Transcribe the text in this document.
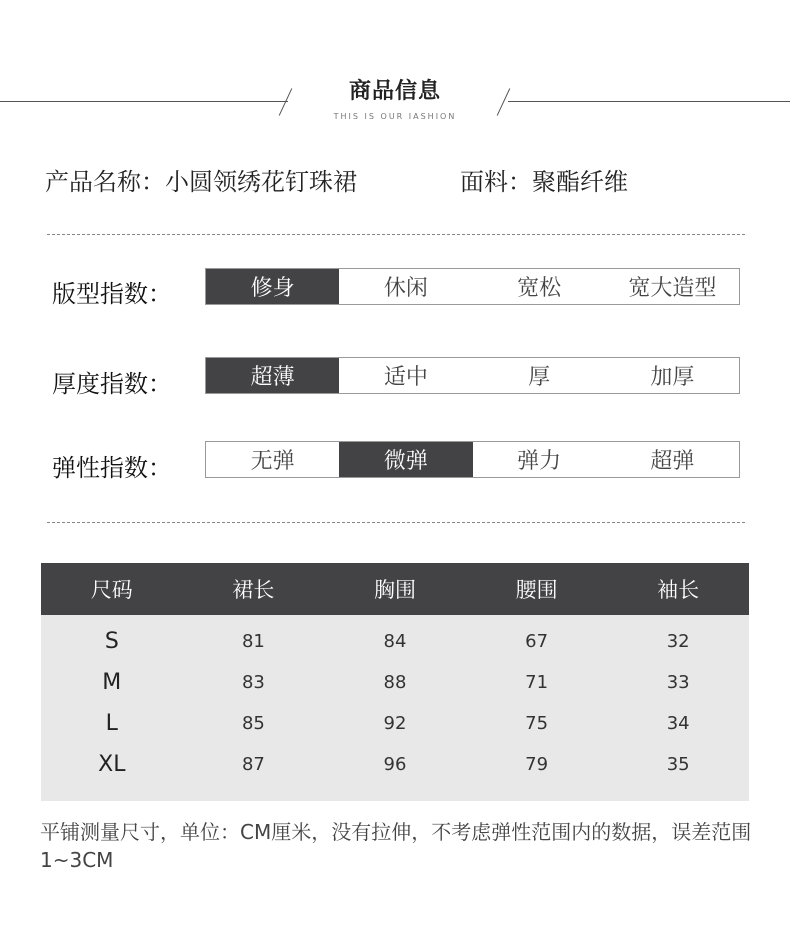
商品信息
THIS IS OUR IASHION
产品名称：小圆领绣花钉珠裙	面料：聚酯纤维
版型指数：	修身	休闲	宽松	宽大造型
厚度指数：	超薄	适中	厚	加厚
弹性指数：	无弹	微弹	弹力	超弹
尺码	裙长	胸围	腰围	袖长
S	81	84	67	32
M	83	88	71	33
L	85	92	75	34
XL	87	96	79	35
平铺测量尺寸，单位：CM厘米，没有拉伸，不考虑弹性范围内的数据，误差范围1~3CM
